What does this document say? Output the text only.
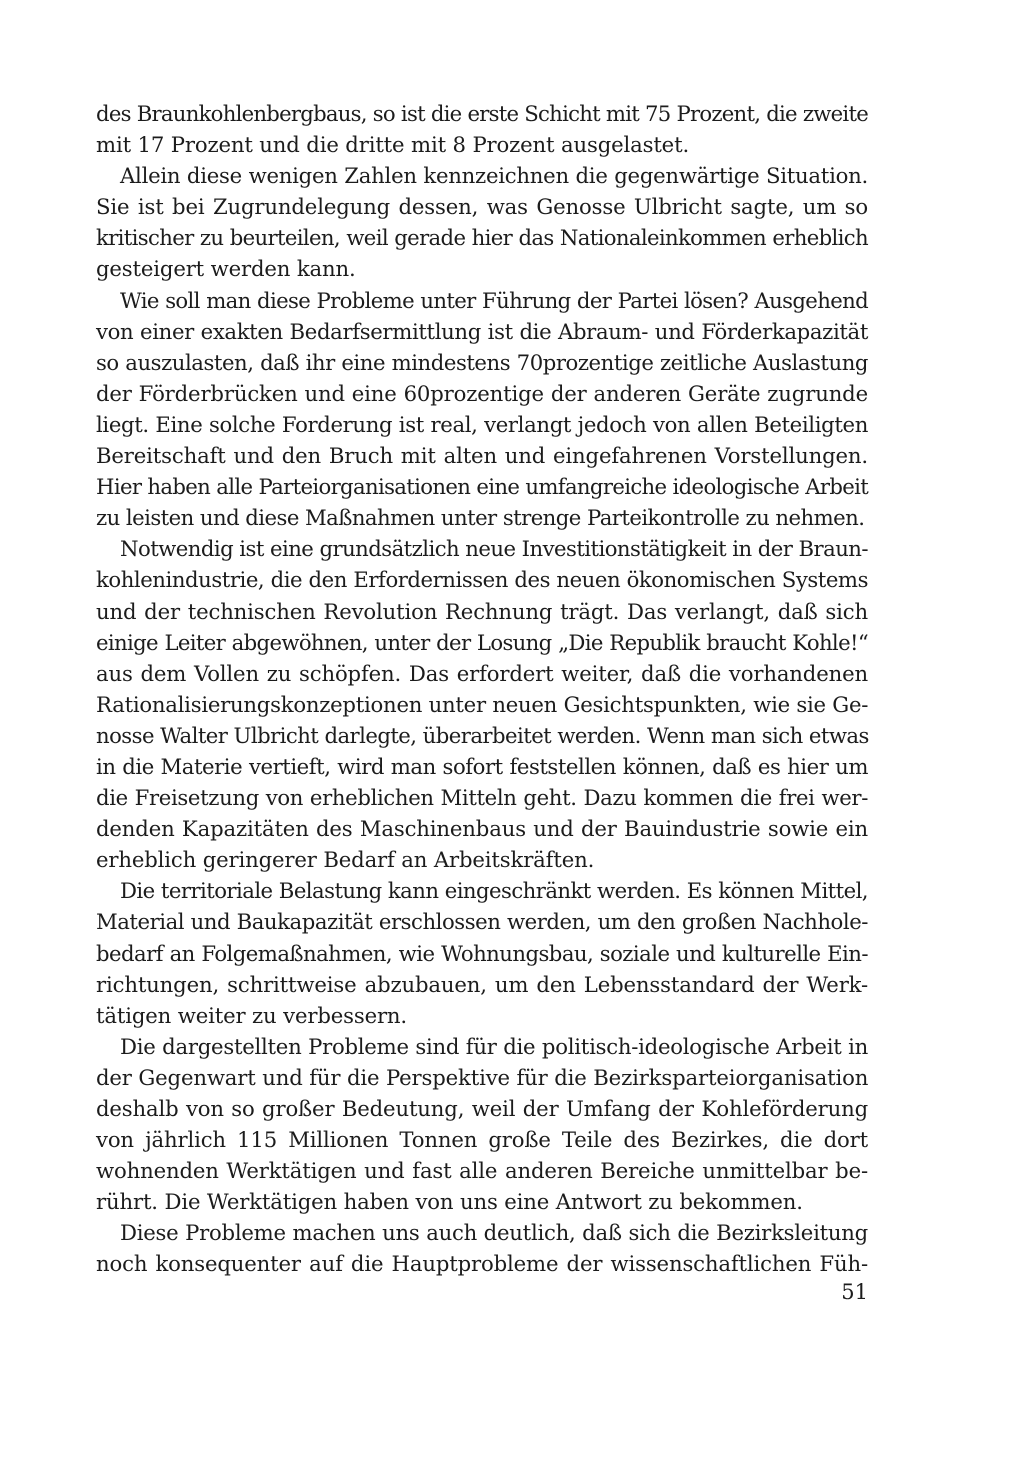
des Braunkohlenbergbaus, so ist die erste Schicht mit 75 Prozent, die zweite
mit 17 Prozent und die dritte mit 8 Prozent ausgelastet.
Allein diese wenigen Zahlen kennzeichnen die gegenwärtige Situation.
Sie ist bei Zugrundelegung dessen, was Genosse Ulbricht sagte, um so
kritischer zu beurteilen, weil gerade hier das Nationaleinkommen erheblich
gesteigert werden kann.
Wie soll man diese Probleme unter Führung der Partei lösen? Ausgehend
von einer exakten Bedarfsermittlung ist die Abraum- und Förderkapazität
so auszulasten, daß ihr eine mindestens 70prozentige zeitliche Auslastung
der Förderbrücken und eine 60prozentige der anderen Geräte zugrunde
liegt. Eine solche Forderung ist real, verlangt jedoch von allen Beteiligten
Bereitschaft und den Bruch mit alten und eingefahrenen Vorstellungen.
Hier haben alle Parteiorganisationen eine umfangreiche ideologische Arbeit
zu leisten und diese Maßnahmen unter strenge Parteikontrolle zu nehmen.
Notwendig ist eine grundsätzlich neue Investitionstätigkeit in der Braun-
kohlenindustrie, die den Erfordernissen des neuen ökonomischen Systems
und der technischen Revolution Rechnung trägt. Das verlangt, daß sich
einige Leiter abgewöhnen, unter der Losung „Die Republik braucht Kohle!“
aus dem Vollen zu schöpfen. Das erfordert weiter, daß die vorhandenen
Rationalisierungskonzeptionen unter neuen Gesichtspunkten, wie sie Ge-
nosse Walter Ulbricht darlegte, überarbeitet werden. Wenn man sich etwas
in die Materie vertieft, wird man sofort feststellen können, daß es hier um
die Freisetzung von erheblichen Mitteln geht. Dazu kommen die frei wer-
denden Kapazitäten des Maschinenbaus und der Bauindustrie sowie ein
erheblich geringerer Bedarf an Arbeitskräften.
Die territoriale Belastung kann eingeschränkt werden. Es können Mittel,
Material und Baukapazität erschlossen werden, um den großen Nachhole-
bedarf an Folgemaßnahmen, wie Wohnungsbau, soziale und kulturelle Ein-
richtungen, schrittweise abzubauen, um den Lebensstandard der Werk-
tätigen weiter zu verbessern.
Die dargestellten Probleme sind für die politisch-ideologische Arbeit in
der Gegenwart und für die Perspektive für die Bezirksparteiorganisation
deshalb von so großer Bedeutung, weil der Umfang der Kohleförderung
von jährlich 115 Millionen Tonnen große Teile des Bezirkes, die dort
wohnenden Werktätigen und fast alle anderen Bereiche unmittelbar be-
rührt. Die Werktätigen haben von uns eine Antwort zu bekommen.
Diese Probleme machen uns auch deutlich, daß sich die Bezirksleitung
noch konsequenter auf die Hauptprobleme der wissenschaftlichen Füh-
51
